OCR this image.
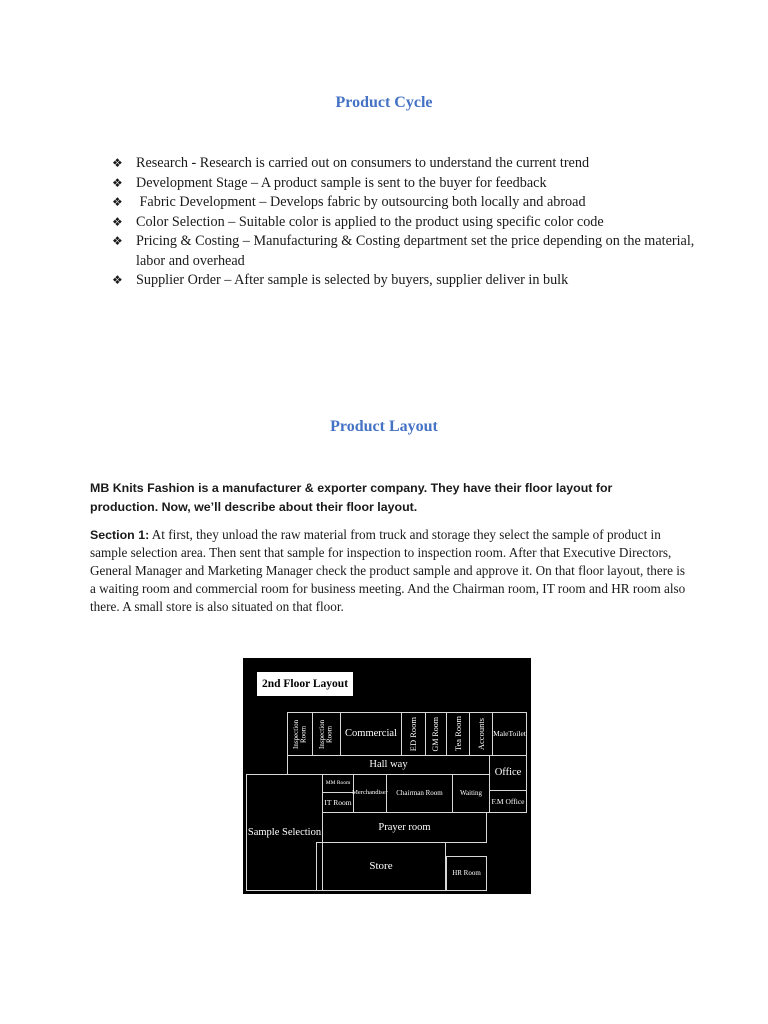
Product Cycle
❖ Research - Research is carried out on consumers to understand the current trend
❖ Development Stage – A product sample is sent to the buyer for feedback
❖ Fabric Development – Develops fabric by outsourcing both locally and abroad
❖ Color Selection – Suitable color is applied to the product using specific color code
❖ Pricing & Costing – Manufacturing & Costing department set the price depending on the material, labor and overhead
❖ Supplier Order – After sample is selected by buyers, supplier deliver in bulk
Product Layout

MB Knits Fashion is a manufacturer & exporter company. They have their floor layout for production. Now, we’ll describe about their floor layout.

Section 1: At first, they unload the raw material from truck and storage they select the sample of product in sample selection area. Then sent that sample for inspection to inspection room. After that Executive Directors, General Manager and Marketing Manager check the product sample and approve it. On that floor layout, there is a waiting room and commercial room for business meeting. And the Chairman room, IT room and HR room also there. A small store is also situated on that floor.

2nd Floor Layout
Inspection Room Inspection Room	Commercial	ED Room GM Room Tea Room Accounts MaleToilet
Hall way
Office
MM Room
IT Room
Merchandiser	Chairman Room	Waiting
F.M Office
Sample Selection	Prayer room
Store
HR Room
